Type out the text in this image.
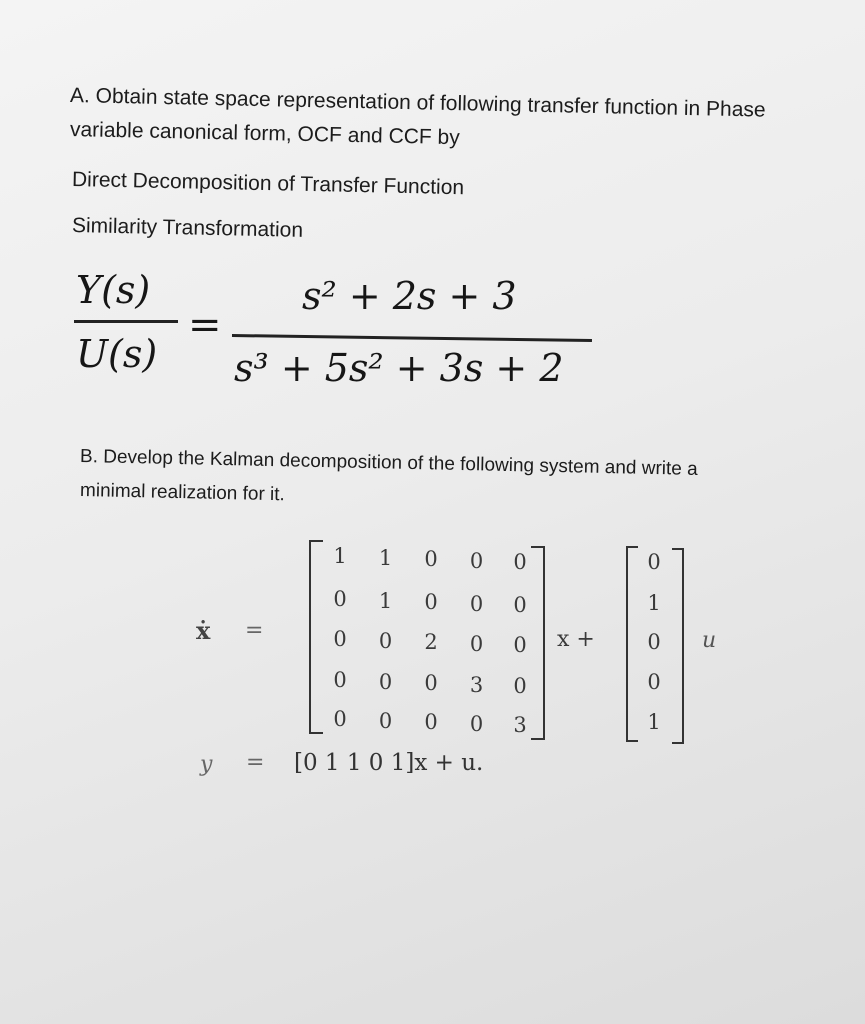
A. Obtain state space representation of following transfer function in Phase
variable canonical form, OCF and CCF by
Direct Decomposition of Transfer Function
Similarity Transformation
Y(s)
U(s)
=
s² + 2s + 3
s³ + 5s² + 3s + 2
B. Develop the Kalman decomposition of the following system and write a
minimal realization for it.
ẋ =
1 1 0 0 0
0 1 0 0 0
0 0 2 0 0
0 0 0 3 0
0 0 0 0 3
x +
0
1
0
0
1
u
y = [0 1 1 0 1]x + u.
